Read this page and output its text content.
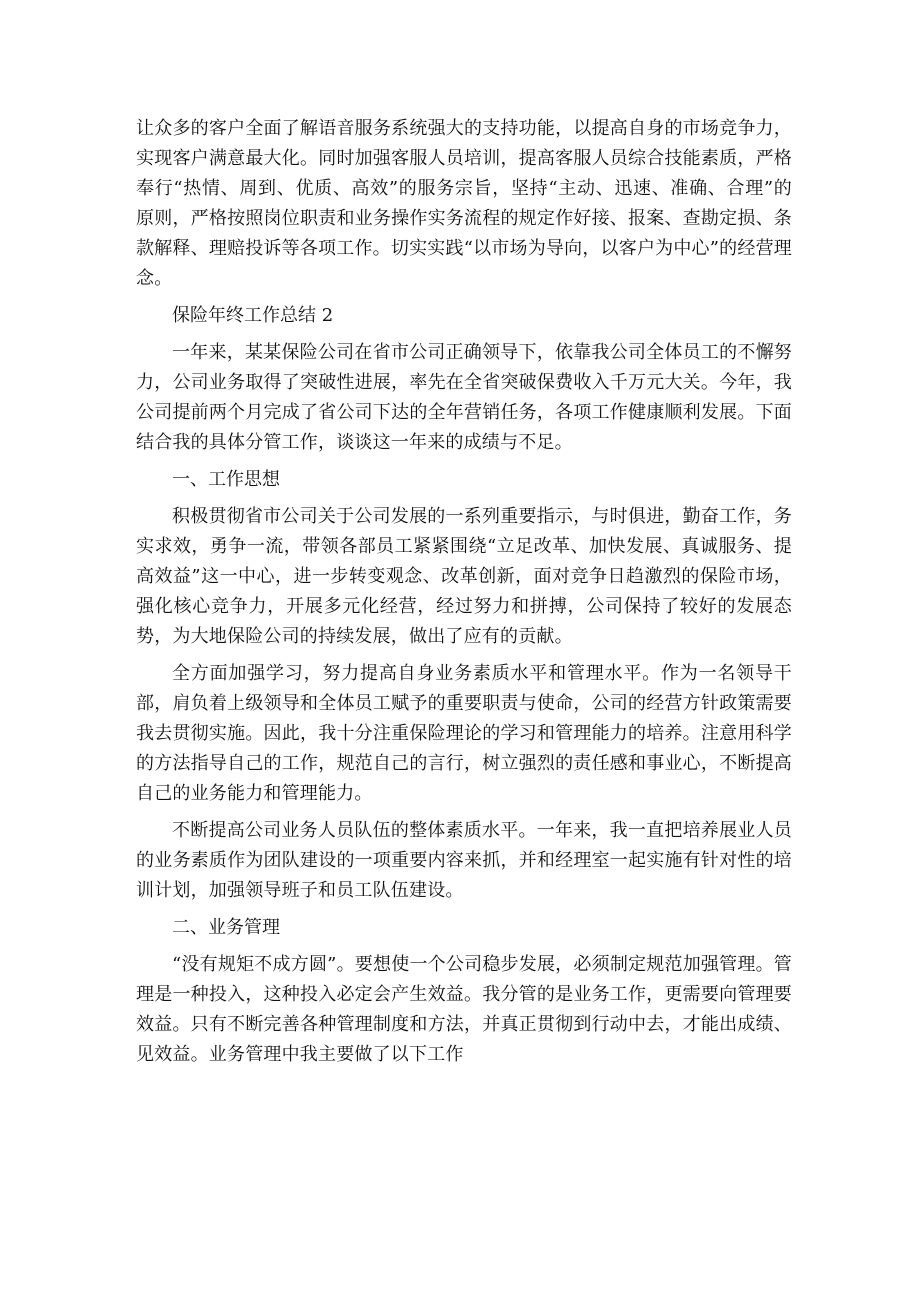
让众多的客户全面了解语音服务系统强大的支持功能，以提高自身的市场竞争力，实现客户满意最大化。同时加强客服人员培训，提高客服人员综合技能素质，严格奉行“热情、周到、优质、高效”的服务宗旨，坚持“主动、迅速、准确、合理”的原则，严格按照岗位职责和业务操作实务流程的规定作好接、报案、查勘定损、条款解释、理赔投诉等各项工作。切实实践“以市场为导向，以客户为中心”的经营理念。

保险年终工作总结 2

一年来，某某保险公司在省市公司正确领导下，依靠我公司全体员工的不懈努力，公司业务取得了突破性进展，率先在全省突破保费收入千万元大关。今年，我公司提前两个月完成了省公司下达的全年营销任务，各项工作健康顺利发展。下面结合我的具体分管工作，谈谈这一年来的成绩与不足。

一、工作思想

积极贯彻省市公司关于公司发展的一系列重要指示，与时俱进，勤奋工作，务实求效，勇争一流，带领各部员工紧紧围绕“立足改革、加快发展、真诚服务、提高效益”这一中心，进一步转变观念、改革创新，面对竞争日趋激烈的保险市场，强化核心竞争力，开展多元化经营，经过努力和拼搏，公司保持了较好的发展态势，为大地保险公司的持续发展，做出了应有的贡献。

全方面加强学习，努力提高自身业务素质水平和管理水平。作为一名领导干部，肩负着上级领导和全体员工赋予的重要职责与使命，公司的经营方针政策需要我去贯彻实施。因此，我十分注重保险理论的学习和管理能力的培养。注意用科学的方法指导自己的工作，规范自己的言行，树立强烈的责任感和事业心，不断提高自己的业务能力和管理能力。

不断提高公司业务人员队伍的整体素质水平。一年来，我一直把培养展业人员的业务素质作为团队建设的一项重要内容来抓，并和经理室一起实施有针对性的培训计划，加强领导班子和员工队伍建设。

二、业务管理

“没有规矩不成方圆”。要想使一个公司稳步发展，必须制定规范加强管理。管理是一种投入，这种投入必定会产生效益。我分管的是业务工作，更需要向管理要效益。只有不断完善各种管理制度和方法，并真正贯彻到行动中去，才能出成绩、见效益。业务管理中我主要做了以下工作
